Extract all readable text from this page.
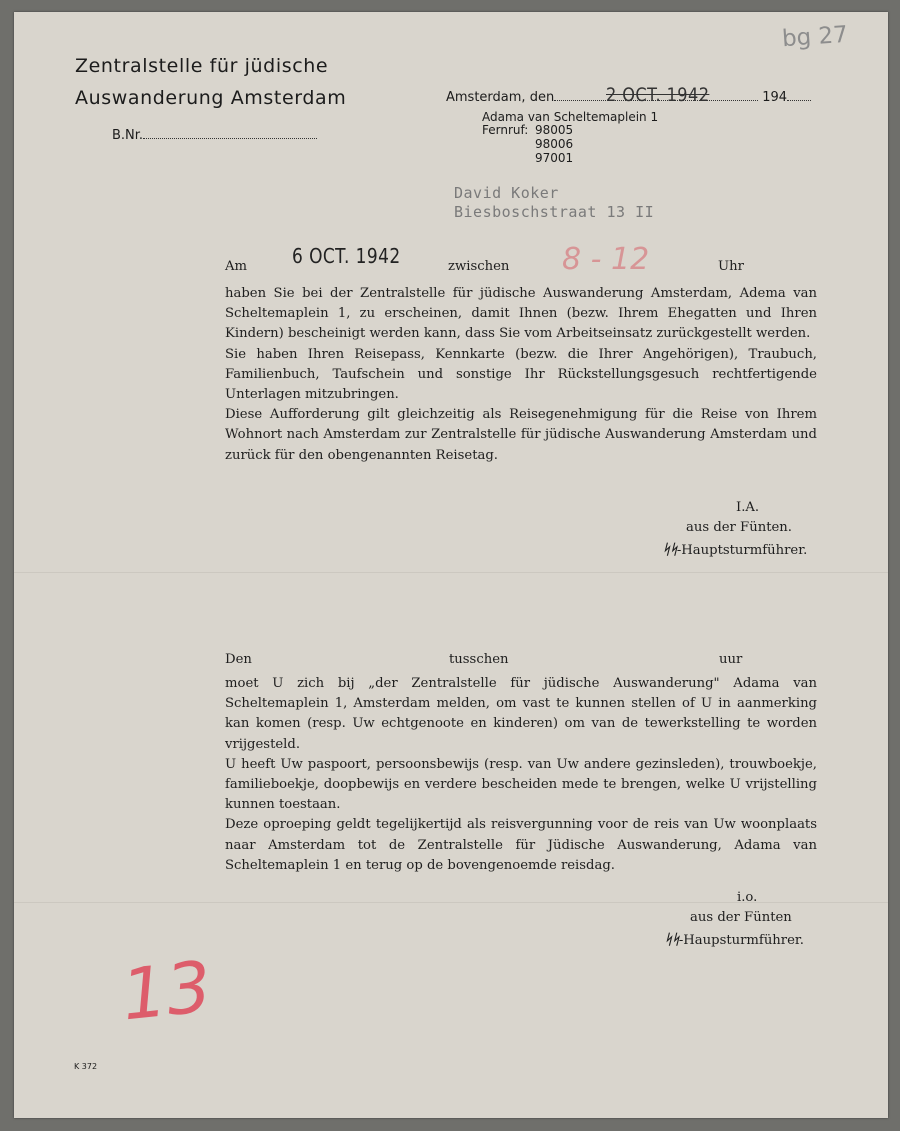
Zentralstelle für jüdische
Auswanderung Amsterdam
B.Nr.
Amsterdam, den	194
2 OCT. 1942
Adama van Scheltemaplein 1
Fernruf: 98005
98006
97001
bg 27
David Koker
Biesboschstraat 13 II
Am 6 OCT. 1942	zwischen 8 - 12	Uhr

haben Sie bei der Zentralstelle für jüdische Auswanderung Amsterdam, Adema van Scheltemaplein 1, zu erscheinen, damit Ihnen (bezw. Ihrem Ehegatten und Ihren Kindern) bescheinigt werden kann, dass Sie vom Arbeitseinsatz zurückgestellt werden.

Sie haben Ihren Reisepass, Kennkarte (bezw. die Ihrer Angehörigen), Traubuch, Familienbuch, Taufschein und sonstige Ihr Rückstellungsgesuch rechtfertigende Unterlagen mitzubringen.

Diese Aufforderung gilt gleichzeitig als Reisegenehmigung für die Reise von Ihrem Wohnort nach Amsterdam zur Zentralstelle für jüdische Auswanderung Amsterdam und zurück für den obengenannten Reisetag.

I.A.
aus der Fünten.
ᛋᛋ-Hauptsturmführer.
Den	tusschen	uur

moet U zich bij „der Zentralstelle für jüdische Auswanderung" Adama van Scheltemaplein 1, Amsterdam melden, om vast te kunnen stellen of U in aanmerking kan komen (resp. Uw echtgenoote en kinderen) om van de tewerkstelling te worden vrijgesteld.

U heeft Uw paspoort, persoonsbewijs (resp. van Uw andere gezinsleden), trouwboekje, familieboekje, doopbewijs en verdere bescheiden mede te brengen, welke U vrijstelling kunnen toestaan.

Deze oproeping geldt tegelijkertijd als reisvergunning voor de reis van Uw woonplaats naar Amsterdam tot de Zentralstelle für Jüdische Auswanderung, Adama van Scheltemaplein 1 en terug op de bovengenoemde reisdag.

i.o.
aus der Fünten
ᛋᛋ-Haupsturmführer.
13
K 372
